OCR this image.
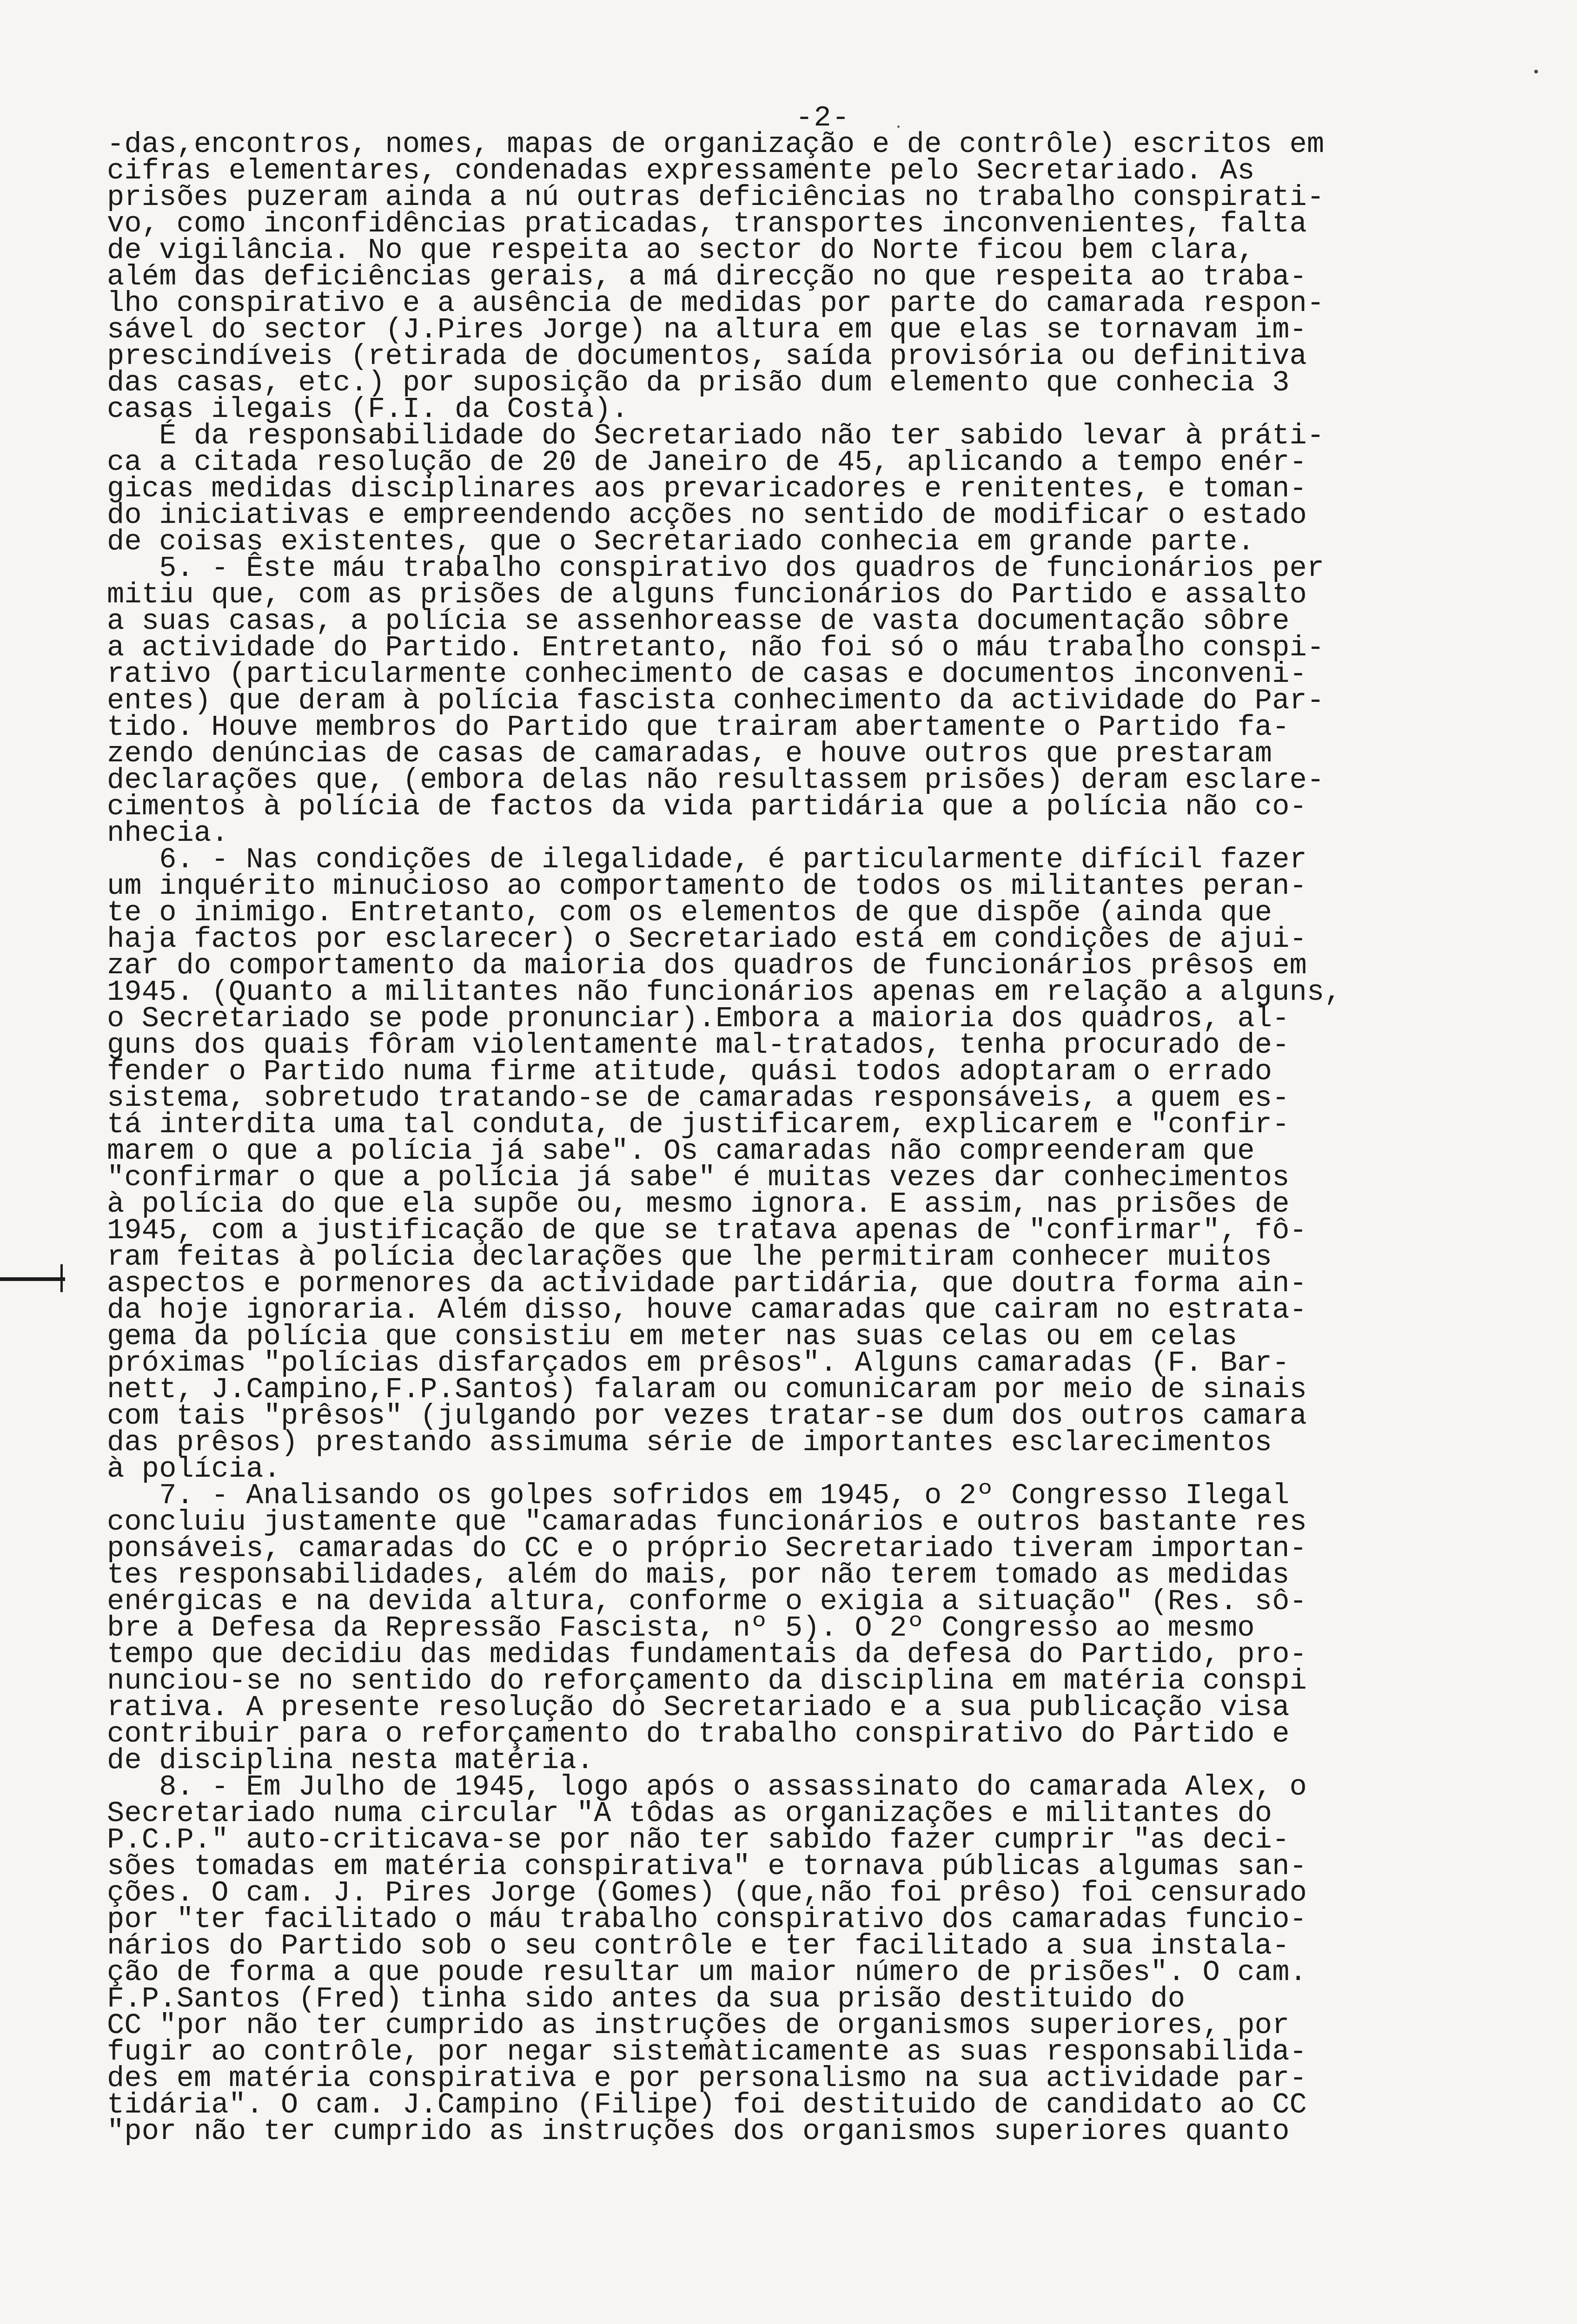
-2-
-das,encontros, nomes, mapas de organização e de contrôle) escritos em
cifras elementares, condenadas expressamente pelo Secretariado. As
prisões puzeram ainda a nú outras deficiências no trabalho conspirati-
vo, como inconfidências praticadas, transportes inconvenientes, falta
de vigilância. No que respeita ao sector do Norte ficou bem clara,
além das deficiências gerais, a má direcção no que respeita ao traba-
lho conspirativo e a ausência de medidas por parte do camarada respon-
sável do sector (J.Pires Jorge) na altura em que elas se tornavam im-
prescindíveis (retirada de documentos, saída provisória ou definitiva
das casas, etc.) por suposição da prisão dum elemento que conhecia 3
casas ilegais (F.I. da Costa).
É da responsabilidade do Secretariado não ter sabido levar à práti-
ca a citada resolução de 20 de Janeiro de 45, aplicando a tempo enér-
gicas medidas disciplinares aos prevaricadores e renitentes, e toman-
do iniciativas e empreendendo acções no sentido de modificar o estado
de coisas existentes, que o Secretariado conhecia em grande parte.
5. - Êste máu trabalho conspirativo dos quadros de funcionários per
mitiu que, com as prisões de alguns funcionários do Partido e assalto
a suas casas, a polícia se assenhoreasse de vasta documentação sôbre
a actividade do Partido. Entretanto, não foi só o máu trabalho conspi-
rativo (particularmente conhecimento de casas e documentos inconveni-
entes) que deram à polícia fascista conhecimento da actividade do Par-
tido. Houve membros do Partido que trairam abertamente o Partido fa-
zendo denúncias de casas de camaradas, e houve outros que prestaram
declarações que, (embora delas não resultassem prisões) deram esclare-
cimentos à polícia de factos da vida partidária que a polícia não co-
nhecia.
6. - Nas condições de ilegalidade, é particularmente difícil fazer
um inquérito minucioso ao comportamento de todos os militantes peran-
te o inimigo. Entretanto, com os elementos de que dispõe (ainda que
haja factos por esclarecer) o Secretariado está em condições de ajui-
zar do comportamento da maioria dos quadros de funcionários prêsos em
1945. (Quanto a militantes não funcionários apenas em relação a alguns,
o Secretariado se pode pronunciar).Embora a maioria dos quadros, al-
guns dos quais fôram violentamente mal-tratados, tenha procurado de-
fender o Partido numa firme atitude, quási todos adoptaram o errado
sistema, sobretudo tratando-se de camaradas responsáveis, a quem es-
tá interdita uma tal conduta, de justificarem, explicarem e "confir-
marem o que a polícia já sabe". Os camaradas não compreenderam que
"confirmar o que a polícia já sabe" é muitas vezes dar conhecimentos
à polícia do que ela supõe ou, mesmo ignora. E assim, nas prisões de
1945, com a justificação de que se tratava apenas de "confirmar", fô-
ram feitas à polícia declarações que lhe permitiram conhecer muitos
aspectos e pormenores da actividade partidária, que doutra forma ain-
da hoje ignoraria. Além disso, houve camaradas que cairam no estrata-
gema da polícia que consistiu em meter nas suas celas ou em celas
próximas "polícias disfarçados em prêsos". Alguns camaradas (F. Bar-
nett, J.Campino,F.P.Santos) falaram ou comunicaram por meio de sinais
com tais "prêsos" (julgando por vezes tratar-se dum dos outros camara
das prêsos) prestando assimuma série de importantes esclarecimentos
à polícia.
7. - Analisando os golpes sofridos em 1945, o 2º Congresso Ilegal
concluiu justamente que "camaradas funcionários e outros bastante res
ponsáveis, camaradas do CC e o próprio Secretariado tiveram importan-
tes responsabilidades, além do mais, por não terem tomado as medidas
enérgicas e na devida altura, conforme o exigia a situação" (Res. sô-
bre a Defesa da Repressão Fascista, nº 5). O 2º Congresso ao mesmo
tempo que decidiu das medidas fundamentais da defesa do Partido, pro-
nunciou-se no sentido do reforçamento da disciplina em matéria conspi
rativa. A presente resolução do Secretariado e a sua publicação visa
contribuir para o reforçamento do trabalho conspirativo do Partido e
de disciplina nesta matéria.
8. - Em Julho de 1945, logo após o assassinato do camarada Alex, o
Secretariado numa circular "A tôdas as organizações e militantes do
P.C.P." auto-criticava-se por não ter sabido fazer cumprir "as deci-
sões tomadas em matéria conspirativa" e tornava públicas algumas san-
ções. O cam. J. Pires Jorge (Gomes) (que,não foi prêso) foi censurado
por "ter facilitado o máu trabalho conspirativo dos camaradas funcio-
nários do Partido sob o seu contrôle e ter facilitado a sua instala-
ção de forma a que poude resultar um maior número de prisões". O cam.
F.P.Santos (Fred) tinha sido antes da sua prisão destituido do
CC "por não ter cumprido as instruções de organismos superiores, por
fugir ao contrôle, por negar sistemàticamente as suas responsabilida-
des em matéria conspirativa e por personalismo na sua actividade par-
tidária". O cam. J.Campino (Filipe) foi destituido de candidato ao CC
"por não ter cumprido as instruções dos organismos superiores quanto
